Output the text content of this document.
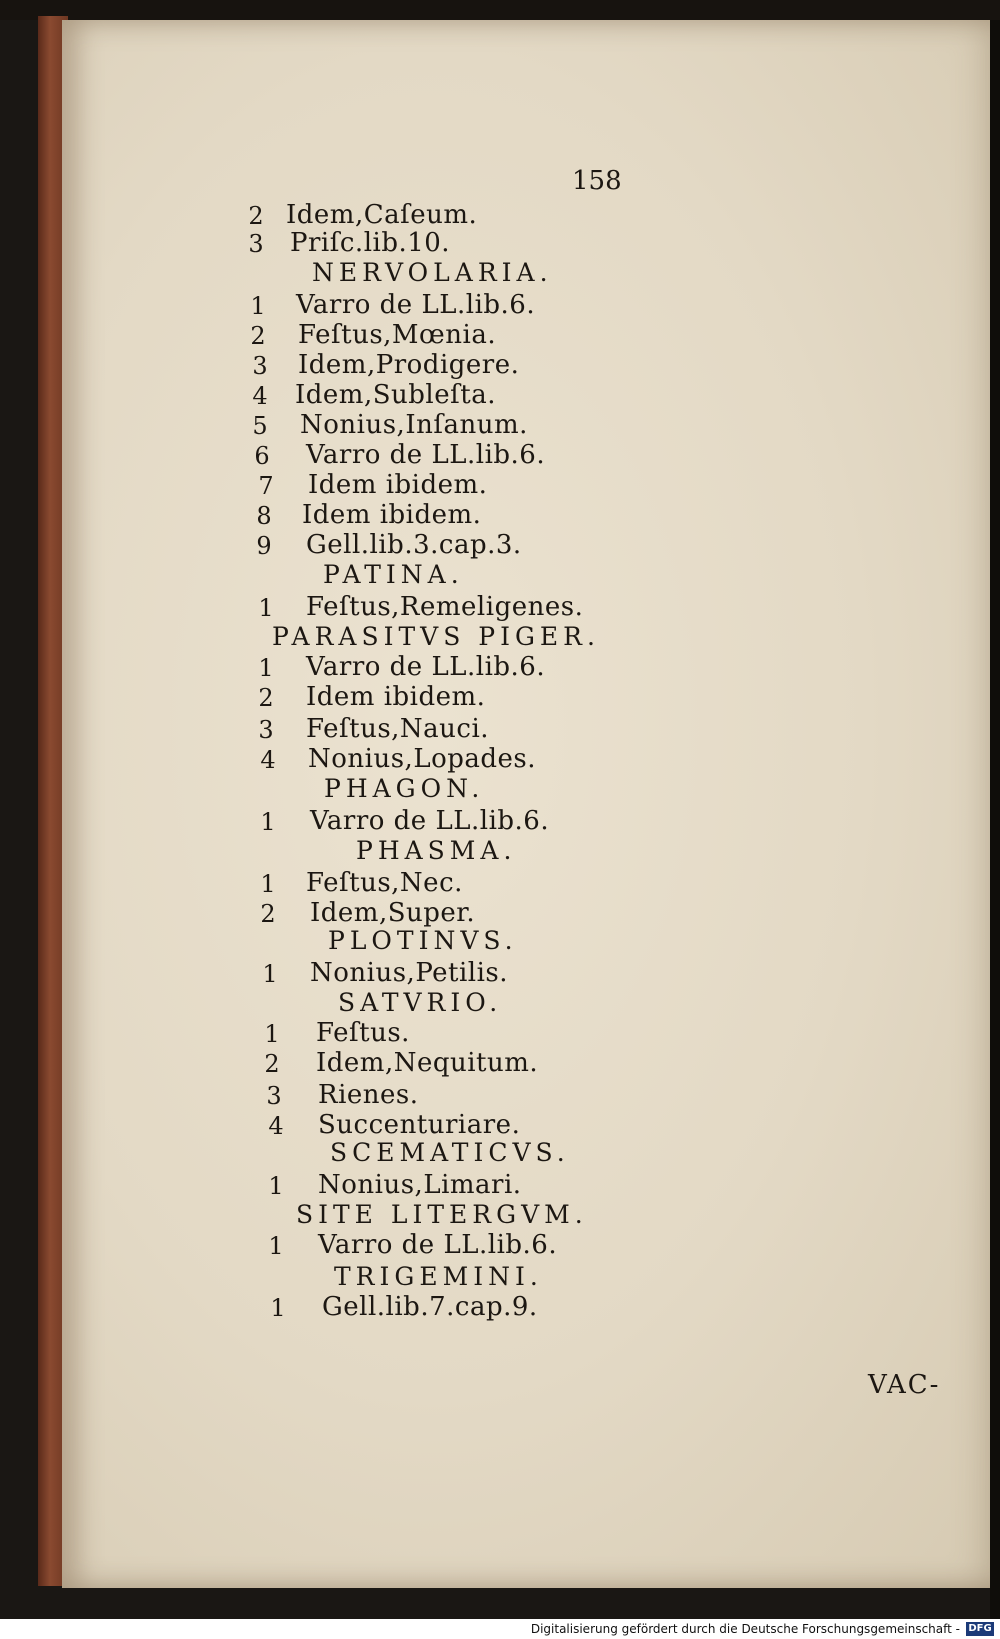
158
2 Idem,Caſeum.
3 Priſc.lib.10.
NERVOLARIA.
1 Varro de LL.lib.6.
2 Feſtus,Mœnia.
3 Idem,Prodigere.
4 Idem,Subleſta.
5 Nonius,Inſanum.
6 Varro de LL.lib.6.
7 Idem ibidem.
8 Idem ibidem.
9 Gell.lib.3.cap.3.
PATINA.
1 Feſtus,Remeligenes.
PARASITVS PIGER.
1 Varro de LL.lib.6.
2 Idem ibidem.
3 Feſtus,Nauci.
4 Nonius,Lopades.
PHAGON.
1 Varro de LL.lib.6.
PHASMA.
1 Feſtus,Nec.
2 Idem,Super.
PLOTINVS.
1 Nonius,Petilis.
SATVRIO.
1 Feſtus.
2 Idem,Nequitum.
3 Rienes.
4 Succenturiare.
SCEMATICVS.
1 Nonius,Limari.
SITE LITERGVM.
1 Varro de LL.lib.6.
TRIGEMINI.
1 Gell.lib.7.cap.9.
VAC-
Digitalisierung gefördert durch die Deutsche Forschungsgemeinschaft - DFG
